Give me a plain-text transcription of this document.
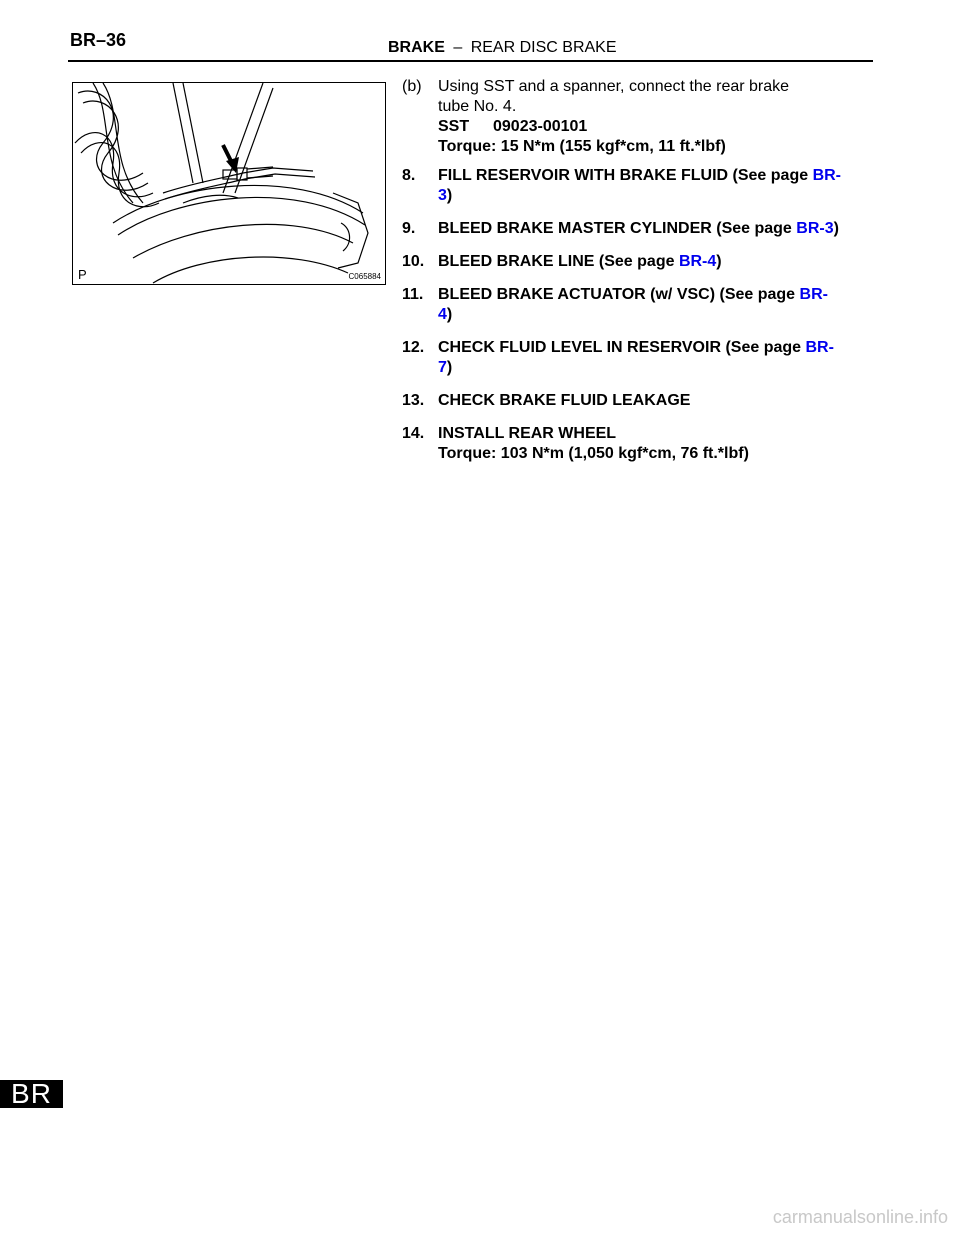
BR–36	BRAKE – REAR DISC BRAKE
P	C065884
(b) Using SST and a spanner, connect the rear brake
tube No. 4.
SST 09023-00101
Torque: 15 N*m (155 kgf*cm, 11 ft.*lbf)
8. FILL RESERVOIR WITH BRAKE FLUID (See page BR-
3)
9. BLEED BRAKE MASTER CYLINDER (See page BR-3)
10. BLEED BRAKE LINE (See page BR-4)
11. BLEED BRAKE ACTUATOR (w/ VSC) (See page BR-
4)
12. CHECK FLUID LEVEL IN RESERVOIR (See page BR-
7)
13. CHECK BRAKE FLUID LEAKAGE
14. INSTALL REAR WHEEL
Torque: 103 N*m (1,050 kgf*cm, 76 ft.*lbf)
BR
carmanualsonline.info
